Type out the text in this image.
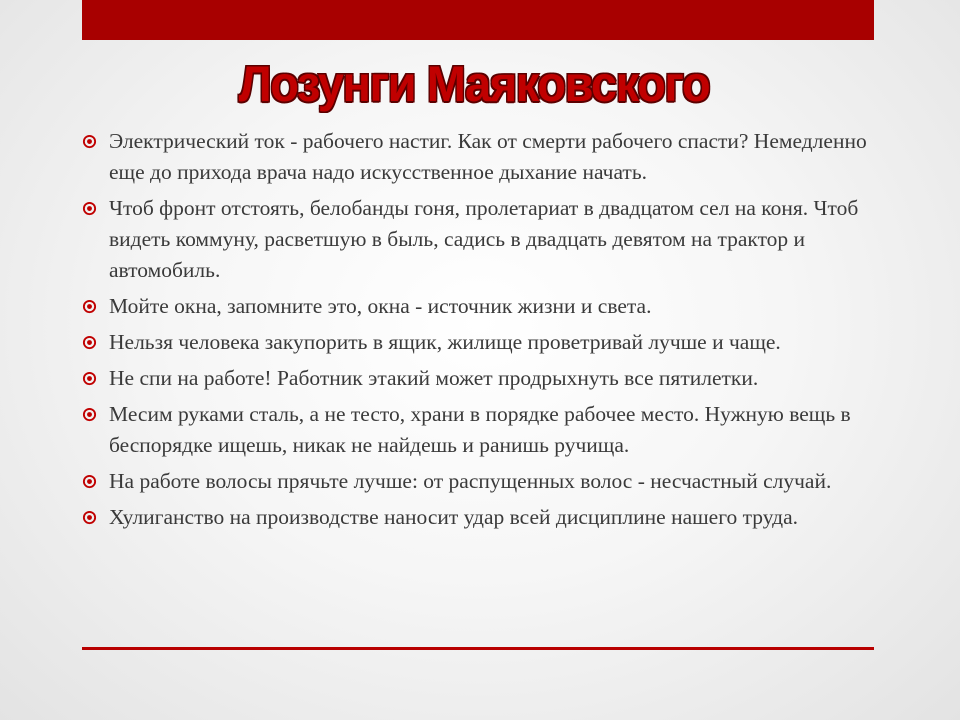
Лозунги Маяковского
Электрический ток - рабочего настиг. Как от смерти рабочего спасти? Немедленно еще до прихода врача надо искусственное дыхание начать.
Чтоб фронт отстоять, белобанды гоня, пролетариат в двадцатом сел на коня. Чтоб видеть коммуну, раcветшую в быль, садись в двадцать девятом на трактор и автомобиль.
Мойте окна, запомните это, окна - источник жизни и света.
Нельзя человека закупорить в ящик, жилище проветривай лучше и чаще.
Не спи на работе! Работник этакий может продрыхнуть все пятилетки.
Месим руками сталь, а не тесто, храни в порядке рабочее место. Нужную вещь в беспорядке ищешь, никак не найдешь и ранишь ручища.
На работе волосы прячьте лучше: от распущенных волос - несчастный случай.
Хулиганство на производстве наносит удар всей дисциплине нашего труда.
